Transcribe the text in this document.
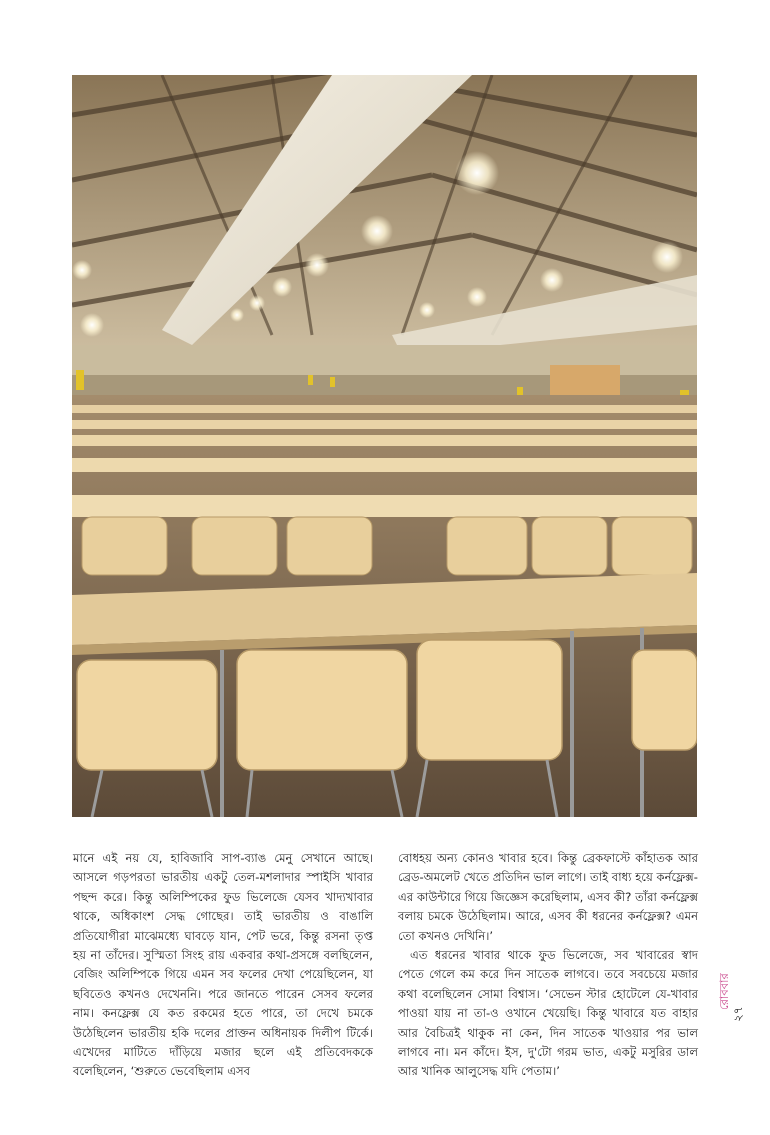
মানে এই নয় যে, হাবিজাবি সাপ-ব্যাঙ মেনু সেখানে আছে। আসলে গড়পরতা ভারতীয় একটু তেল-মশলাদার স্পাইসি খাবার পছন্দ করে। কিন্তু অলিম্পিকের ফুড ভিলেজে যেসব খাদ্যখাবার থাকে, অধিকাংশ সেদ্ধ গোছের। তাই ভারতীয় ও বাঙালি প্রতিযোগীরা মাঝেমধ্যে ঘাবড়ে যান, পেট ভরে, কিন্তু রসনা তৃপ্ত হয় না তাঁদের। সুস্মিতা সিংহ রায় একবার কথা-প্রসঙ্গে বলছিলেন, বেজিং অলিম্পিকে গিয়ে এমন সব ফলের দেখা পেয়েছিলেন, যা ছবিতেও কখনও দেখেননি। পরে জানতে পারেন সেসব ফলের নাম। কনফ্লেক্স যে কত রকমের হতে পারে, তা দেখে চমকে উঠেছিলেন ভারতীয় হকি দলের প্রাক্তন অধিনায়ক দিলীপ টির্কে। এখেদের মাটিতে দাঁড়িয়ে মজার ছলে এই প্রতিবেদককে বলেছিলেন, ‘শুরুতে ভেবেছিলাম এসব

বোধহয় অন্য কোনও খাবার হবে। কিন্তু ব্রেকফাস্টে কাঁহাতক আর ব্রেড-অমলেট খেতে প্রতিদিন ভাল লাগে। তাই বাধ্য হয়ে কর্নফ্লেক্স-এর কাউন্টারে গিয়ে জিজ্ঞেস করেছিলাম, এসব কী? তাঁরা কর্নফ্লেক্স বলায় চমকে উঠেছিলাম। আরে, এসব কী ধরনের কর্নফ্লেক্স? এমন তো কখনও দেখিনি।’

এত ধরনের খাবার থাকে ফুড ভিলেজে, সব খাবারের স্বাদ পেতে গেলে কম করে দিন সাতেক লাগবে। তবে সবচেয়ে মজার কথা বলেছিলেন সোমা বিশ্বাস। ‘সেভেন স্টার হোটেলে যে-খাবার পাওয়া যায় না তা-ও ওখানে খেয়েছি। কিন্তু খাবারে যত বাহার আর বৈচিত্রই থাকুক না কেন, দিন সাতেক খাওয়ার পর ভাল লাগবে না। মন কাঁদে। ইস, দু'টো গরম ভাত, একটু মসুরির ডাল আর খানিক আলুসেদ্ধ যদি পেতাম।’

রোববার
২৭
